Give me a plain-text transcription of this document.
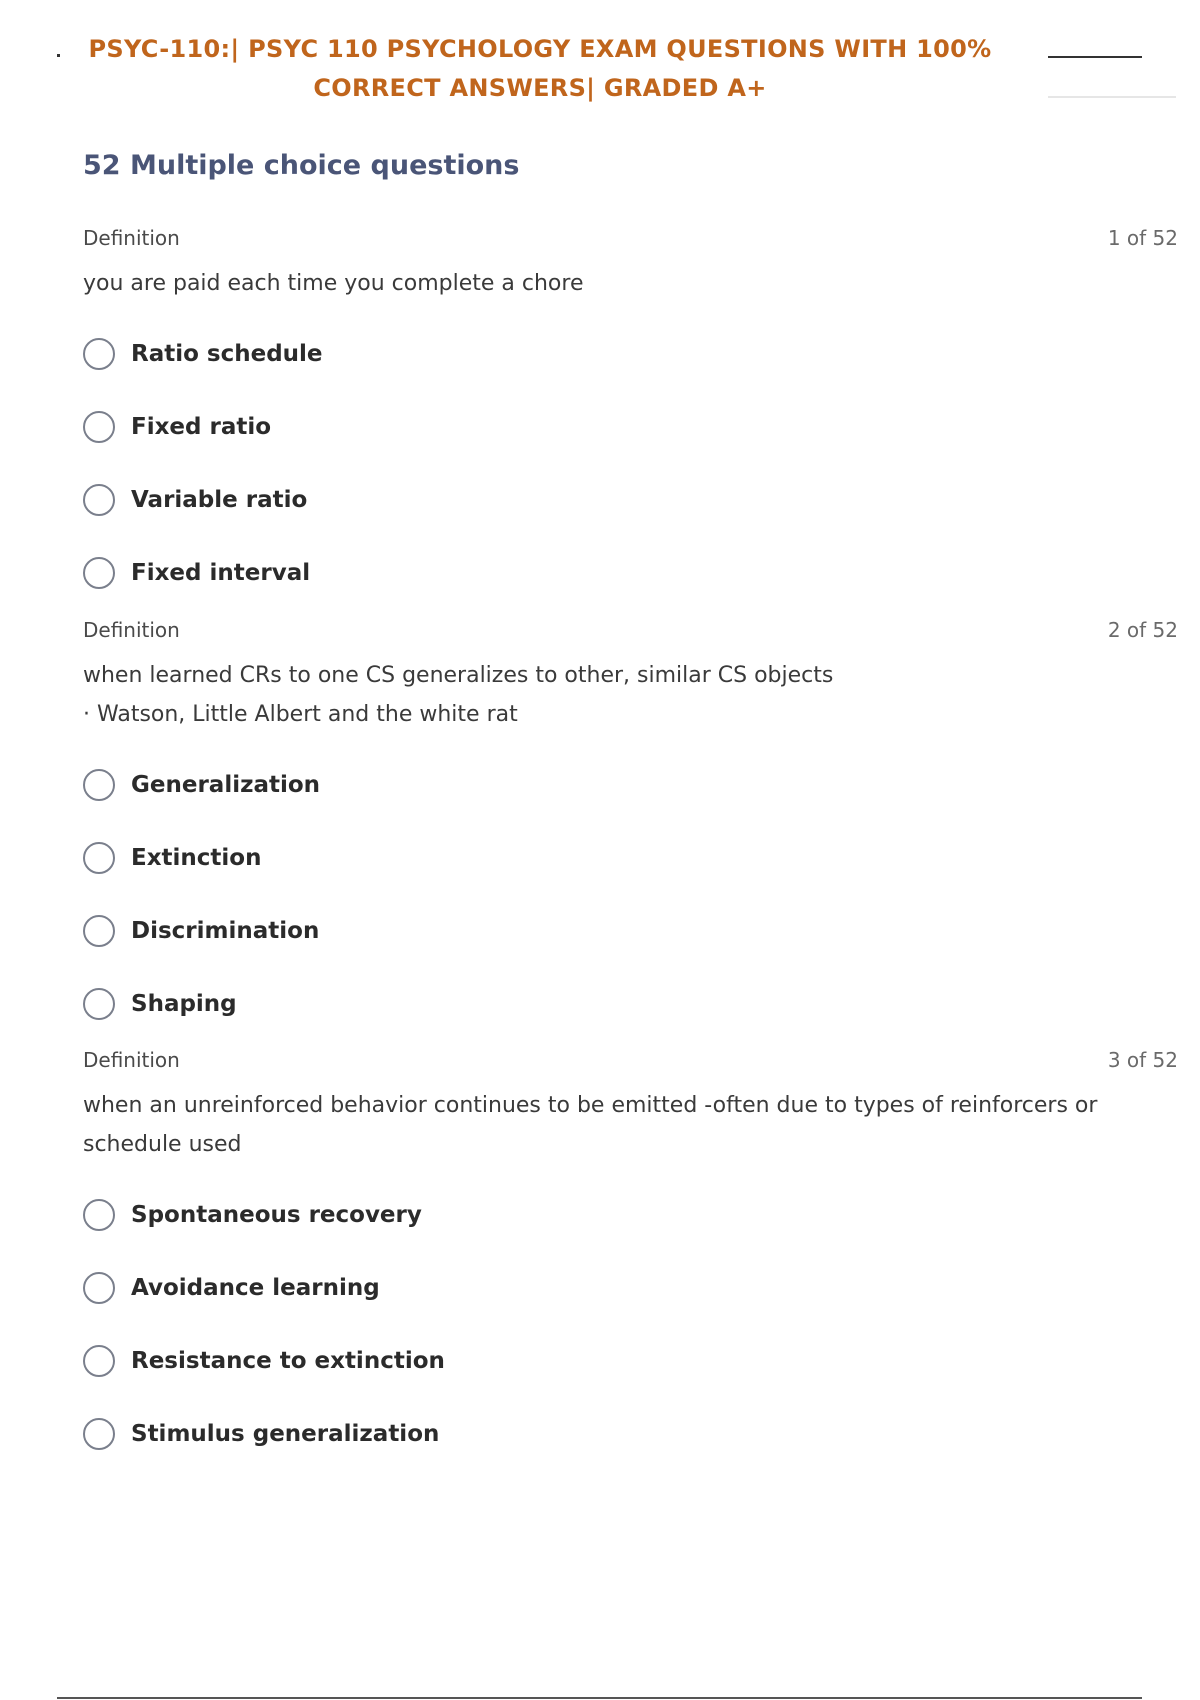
PSYC-110:| PSYC 110 PSYCHOLOGY EXAM QUESTIONS WITH 100%
CORRECT ANSWERS| GRADED A+
52 Multiple choice questions
Definition	1 of 52
you are paid each time you complete a chore
Ratio schedule
Fixed ratio
Variable ratio
Fixed interval
Definition	2 of 52
when learned CRs to one CS generalizes to other, similar CS objects
· Watson, Little Albert and the white rat
Generalization
Extinction
Discrimination
Shaping
Definition	3 of 52
when an unreinforced behavior continues to be emitted -often due to types of reinforcers or schedule used
Spontaneous recovery
Avoidance learning
Resistance to extinction
Stimulus generalization
